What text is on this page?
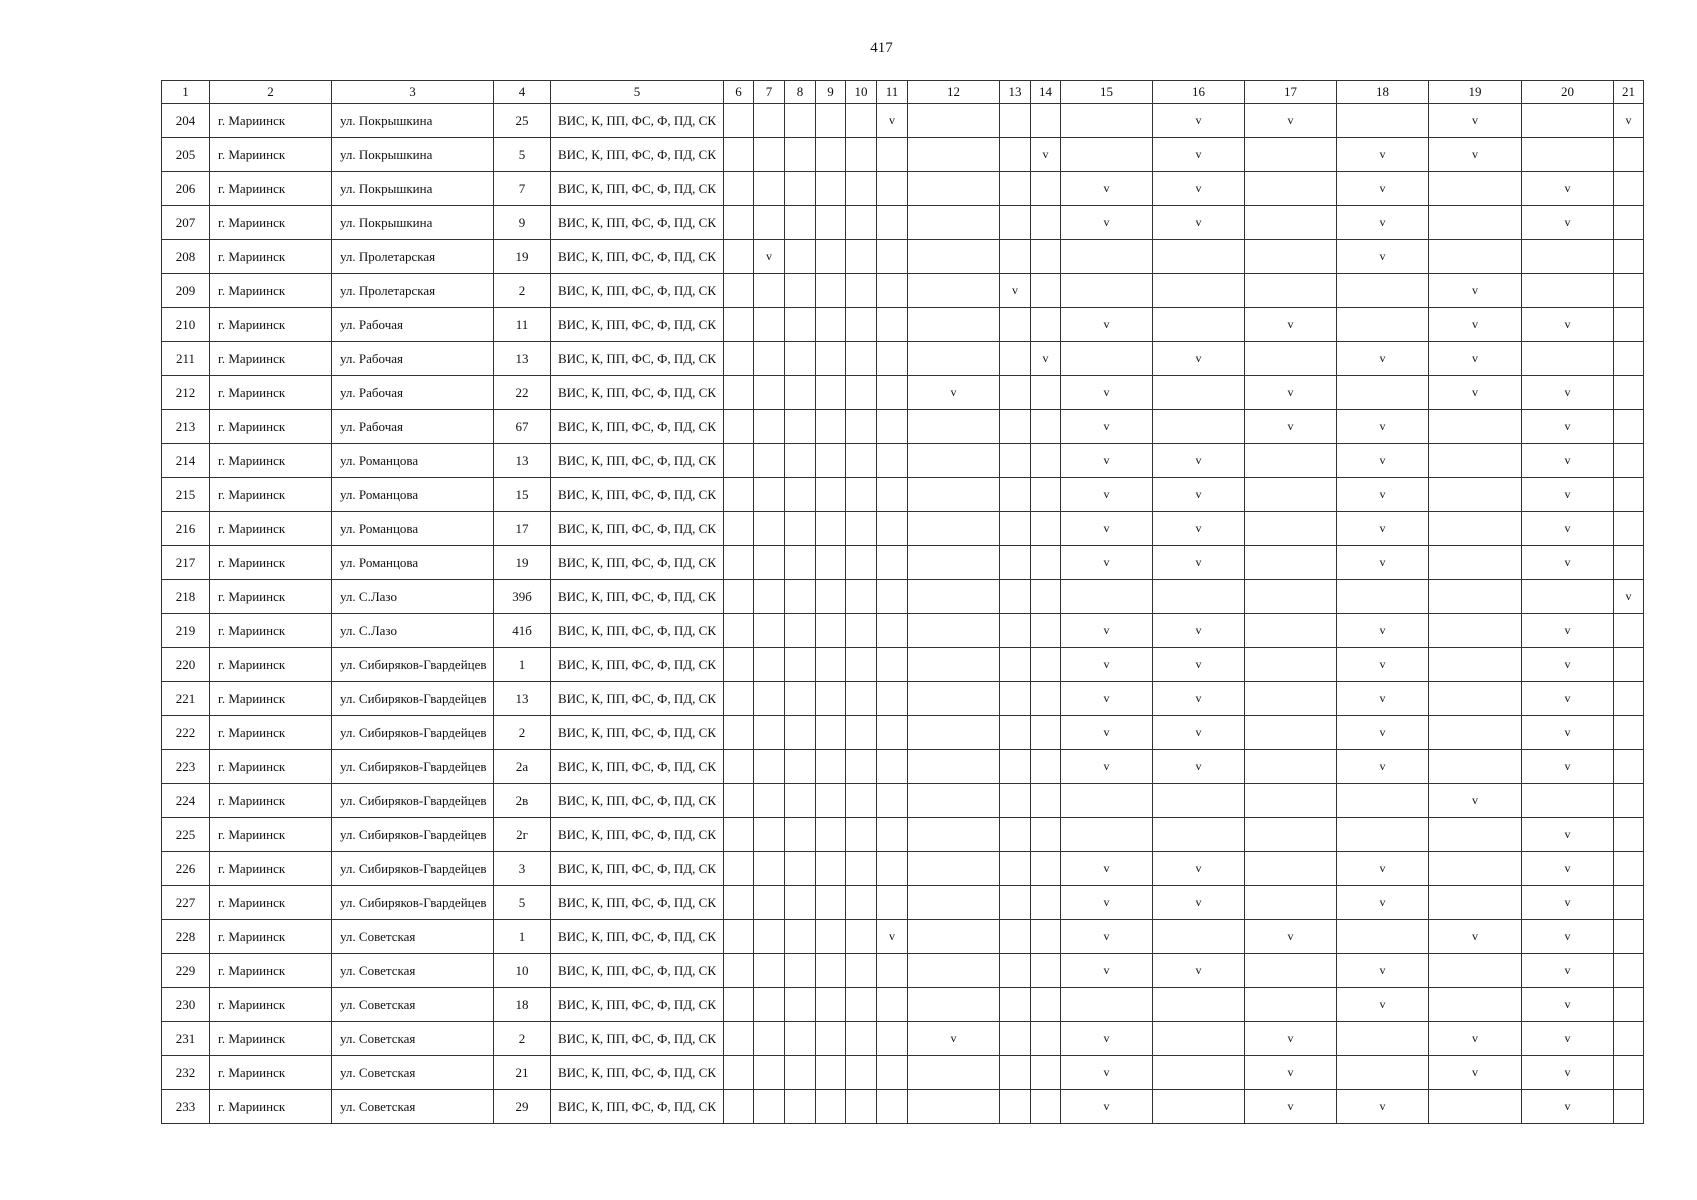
417
1	2	3	4	5	6	7	8	9	10	11	12	13	14	15	16	17	18	19	20	21
204	г. Мариинск	ул. Покрышкина	25	ВИС, К, ПП, ФС, Ф, ПД, СК						v					v	v		v		v
205	г. Мариинск	ул. Покрышкина	5	ВИС, К, ПП, ФС, Ф, ПД, СК									v		v		v	v		
206	г. Мариинск	ул. Покрышкина	7	ВИС, К, ПП, ФС, Ф, ПД, СК										v	v		v		v	
207	г. Мариинск	ул. Покрышкина	9	ВИС, К, ПП, ФС, Ф, ПД, СК										v	v		v		v	
208	г. Мариинск	ул. Пролетарская	19	ВИС, К, ПП, ФС, Ф, ПД, СК		v											v			
209	г. Мариинск	ул. Пролетарская	2	ВИС, К, ПП, ФС, Ф, ПД, СК								v						v		
210	г. Мариинск	ул. Рабочая	11	ВИС, К, ПП, ФС, Ф, ПД, СК										v		v		v	v	
211	г. Мариинск	ул. Рабочая	13	ВИС, К, ПП, ФС, Ф, ПД, СК									v		v		v	v		
212	г. Мариинск	ул. Рабочая	22	ВИС, К, ПП, ФС, Ф, ПД, СК							v			v		v		v	v	
213	г. Мариинск	ул. Рабочая	67	ВИС, К, ПП, ФС, Ф, ПД, СК										v		v	v		v	
214	г. Мариинск	ул. Романцова	13	ВИС, К, ПП, ФС, Ф, ПД, СК										v	v		v		v	
215	г. Мариинск	ул. Романцова	15	ВИС, К, ПП, ФС, Ф, ПД, СК										v	v		v		v	
216	г. Мариинск	ул. Романцова	17	ВИС, К, ПП, ФС, Ф, ПД, СК										v	v		v		v	
217	г. Мариинск	ул. Романцова	19	ВИС, К, ПП, ФС, Ф, ПД, СК										v	v		v		v	
218	г. Мариинск	ул. С.Лазо	39б	ВИС, К, ПП, ФС, Ф, ПД, СК																v
219	г. Мариинск	ул. С.Лазо	41б	ВИС, К, ПП, ФС, Ф, ПД, СК										v	v		v		v	
220	г. Мариинск	ул. Сибиряков-Гвардейцев	1	ВИС, К, ПП, ФС, Ф, ПД, СК										v	v		v		v	
221	г. Мариинск	ул. Сибиряков-Гвардейцев	13	ВИС, К, ПП, ФС, Ф, ПД, СК										v	v		v		v	
222	г. Мариинск	ул. Сибиряков-Гвардейцев	2	ВИС, К, ПП, ФС, Ф, ПД, СК										v	v		v		v	
223	г. Мариинск	ул. Сибиряков-Гвардейцев	2а	ВИС, К, ПП, ФС, Ф, ПД, СК										v	v		v		v	
224	г. Мариинск	ул. Сибиряков-Гвардейцев	2в	ВИС, К, ПП, ФС, Ф, ПД, СК														v		
225	г. Мариинск	ул. Сибиряков-Гвардейцев	2г	ВИС, К, ПП, ФС, Ф, ПД, СК															v	
226	г. Мариинск	ул. Сибиряков-Гвардейцев	3	ВИС, К, ПП, ФС, Ф, ПД, СК										v	v		v		v	
227	г. Мариинск	ул. Сибиряков-Гвардейцев	5	ВИС, К, ПП, ФС, Ф, ПД, СК										v	v		v		v	
228	г. Мариинск	ул. Советская	1	ВИС, К, ПП, ФС, Ф, ПД, СК						v				v		v		v	v	
229	г. Мариинск	ул. Советская	10	ВИС, К, ПП, ФС, Ф, ПД, СК										v	v		v		v	
230	г. Мариинск	ул. Советская	18	ВИС, К, ПП, ФС, Ф, ПД, СК													v		v	
231	г. Мариинск	ул. Советская	2	ВИС, К, ПП, ФС, Ф, ПД, СК							v			v		v		v	v	
232	г. Мариинск	ул. Советская	21	ВИС, К, ПП, ФС, Ф, ПД, СК										v		v		v	v	
233	г. Мариинск	ул. Советская	29	ВИС, К, ПП, ФС, Ф, ПД, СК										v		v	v		v	
